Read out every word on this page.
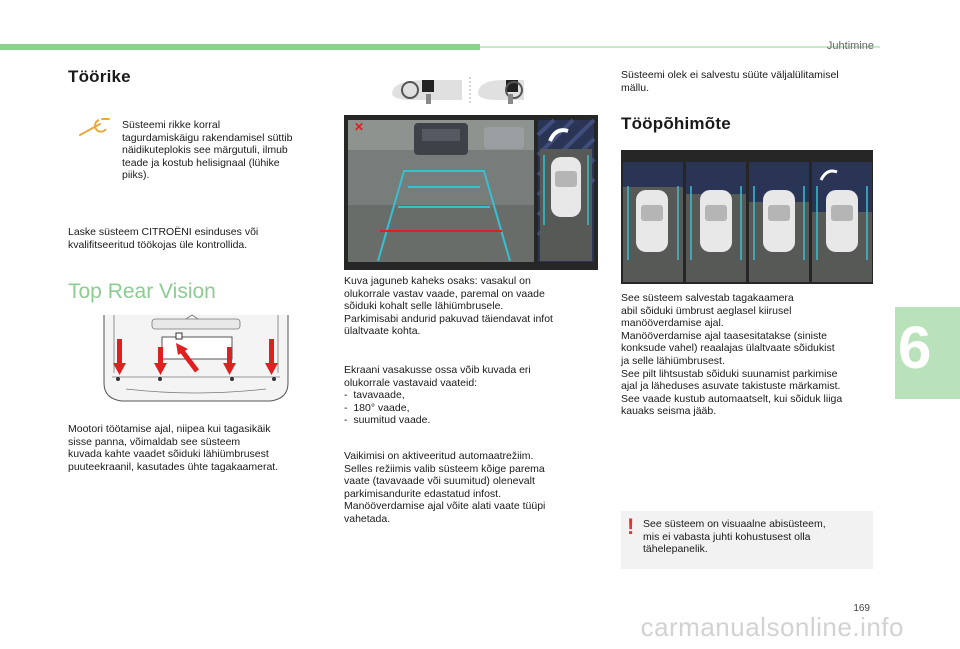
Juhtimine
6
Töörike
Süsteemi rikke korral
tagurdamiskäigu rakendamisel süttib
näidikuteplokis see märgutuli, ilmub
teade ja kostub helisignaal (lühike
piiks).
Laske süsteem CITROËNI esinduses või
kvalifitseeritud töökojas üle kontrollida.
Top Rear Vision
Mootori töötamise ajal, niipea kui tagasikäik
sisse panna, võimaldab see süsteem
kuvada kahte vaadet sõiduki lähiümbrusest
puuteekraanil, kasutades ühte tagakaamerat.
✕
Kuva jaguneb kaheks osaks: vasakul on
olukorrale vastav vaade, paremal on vaade
sõiduki kohalt selle lähiümbrusele.
Parkimisabi andurid pakuvad täiendavat infot
ülaltvaate kohta.
Ekraani vasakusse ossa võib kuvada eri
olukorrale vastavaid vaateid:
-  tavavaade,
-  180° vaade,
-  suumitud vaade.
Vaikimisi on aktiveeritud automaatrežiim.
Selles režiimis valib süsteem kõige parema
vaate (tavavaade või suumitud) olenevalt
parkimisandurite edastatud infost.
Manööverdamise ajal võite alati vaate tüüpi
vahetada.
Süsteemi olek ei salvestu süüte väljalülitamisel
mällu.
Tööpõhimõte
See süsteem salvestab tagakaamera
abil sõiduki ümbrust aeglasel kiirusel
manööverdamise ajal.
Manööverdamise ajal taasesitatakse (siniste
konksude vahel) reaalajas ülaltvaate sõidukist
ja selle lähiümbrusest.
See pilt lihtsustab sõiduki suunamist parkimise
ajal ja läheduses asuvate takistuste märkamist.
See vaade kustub automaatselt, kui sõiduk liiga
kauaks seisma jääb.
! See süsteem on visuaalne abisüsteem,
mis ei vabasta juhti kohustusest olla
tähelepanelik.
169
carmanualsonline.info
